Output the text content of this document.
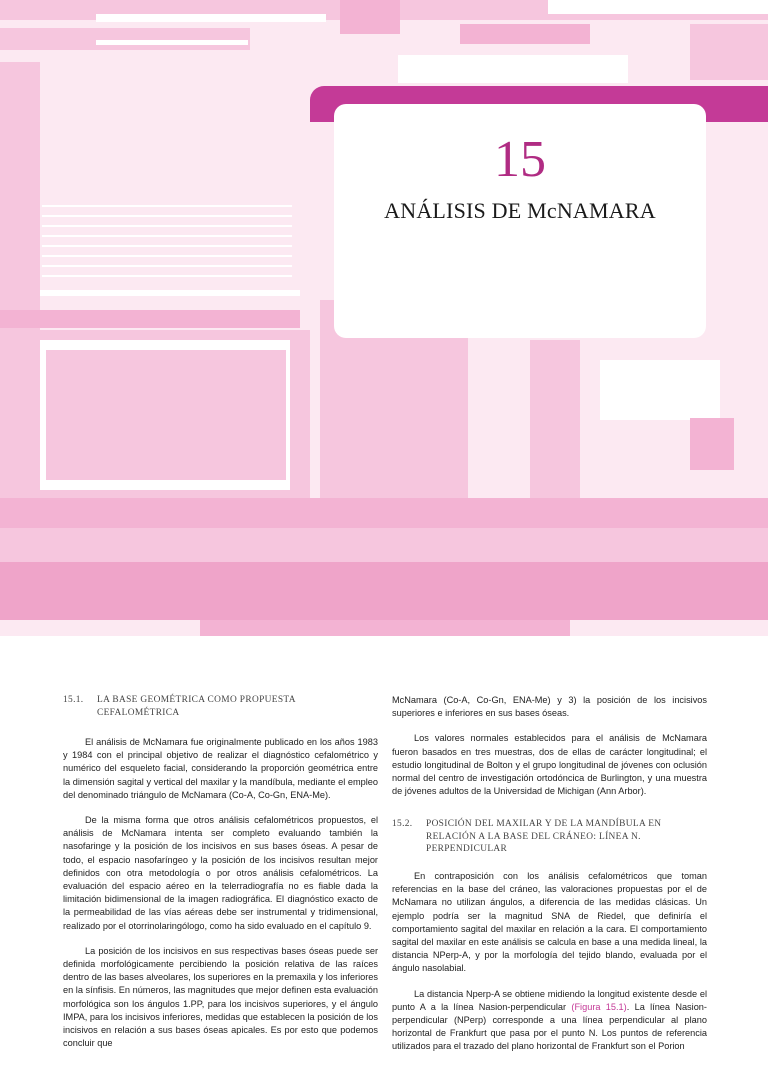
15
ANÁLISIS DE McNAMARA
15.1.	LA BASE GEOMÉTRICA COMO PROPUESTA CEFALOMÉTRICA

El análisis de McNamara fue originalmente publicado en los años 1983 y 1984 con el principal objetivo de realizar el diagnóstico cefalométrico y numérico del esqueleto facial, considerando la proporción geométrica entre la dimensión sagital y vertical del maxilar y la mandíbula, mediante el empleo del denominado triángulo de McNamara (Co-A, Co-Gn, ENA-Me).

De la misma forma que otros análisis cefalométricos propuestos, el análisis de McNamara intenta ser completo evaluando también la nasofaringe y la posición de los incisivos en sus bases óseas. A pesar de todo, el espacio nasofaríngeo y la posición de los incisivos resultan mejor definidos con otra metodología o por otros análisis cefalométricos. La evaluación del espacio aéreo en la telerradiografía no es fiable dada la limitación bidimensional de la imagen radiográfica. El diagnóstico exacto de la permeabilidad de las vías aéreas debe ser instrumental y tridimensional, realizado por el otorrinolaringólogo, como ha sido evaluado en el capítulo 9.

La posición de los incisivos en sus respectivas bases óseas puede ser definida morfológicamente percibiendo la posición relativa de las raíces dentro de las bases alveolares, los superiores en la premaxila y los inferiores en la sínfisis. En números, las magnitudes que mejor definen esta evaluación morfológica son los ángulos 1.PP, para los incisivos superiores, y el ángulo IMPA, para los incisivos inferiores, medidas que establecen la posición de los incisivos en relación a sus bases óseas apicales. Es por esto que podemos concluir que

McNamara (Co-A, Co-Gn, ENA-Me) y 3) la posición de los incisivos superiores e inferiores en sus bases óseas.

Los valores normales establecidos para el análisis de McNamara fueron basados en tres muestras, dos de ellas de carácter longitudinal; el estudio longitudinal de Bolton y el grupo longitudinal de jóvenes con oclusión normal del centro de investigación ortodóncica de Burlington, y una muestra de jóvenes adultos de la Universidad de Michigan (Ann Arbor).

15.2.	POSICIÓN DEL MAXILAR Y DE LA MANDÍBULA EN RELACIÓN A LA BASE DEL CRÁNEO: LÍNEA N. PERPENDICULAR

En contraposición con los análisis cefalométricos que toman referencias en la base del cráneo, las valoraciones propuestas por el de McNamara no utilizan ángulos, a diferencia de las medidas clásicas. Un ejemplo podría ser la magnitud SNA de Riedel, que definiría el comportamiento sagital del maxilar en relación a la cara. El comportamiento sagital del maxilar en este análisis se calcula en base a una medida lineal, la distancia NPerp-A, y por la morfología del tejido blando, evaluada por el ángulo nasolabial.

La distancia Nperp-A se obtiene midiendo la longitud existente desde el punto A a la línea Nasion-perpendicular (Figura 15.1). La línea Nasion-perpendicular (NPerp) corresponde a una línea perpendicular al plano horizontal de Frankfurt que pasa por el punto N. Los puntos de referencia utilizados para el trazado del plano horizontal de Frankfurt son el Porion
